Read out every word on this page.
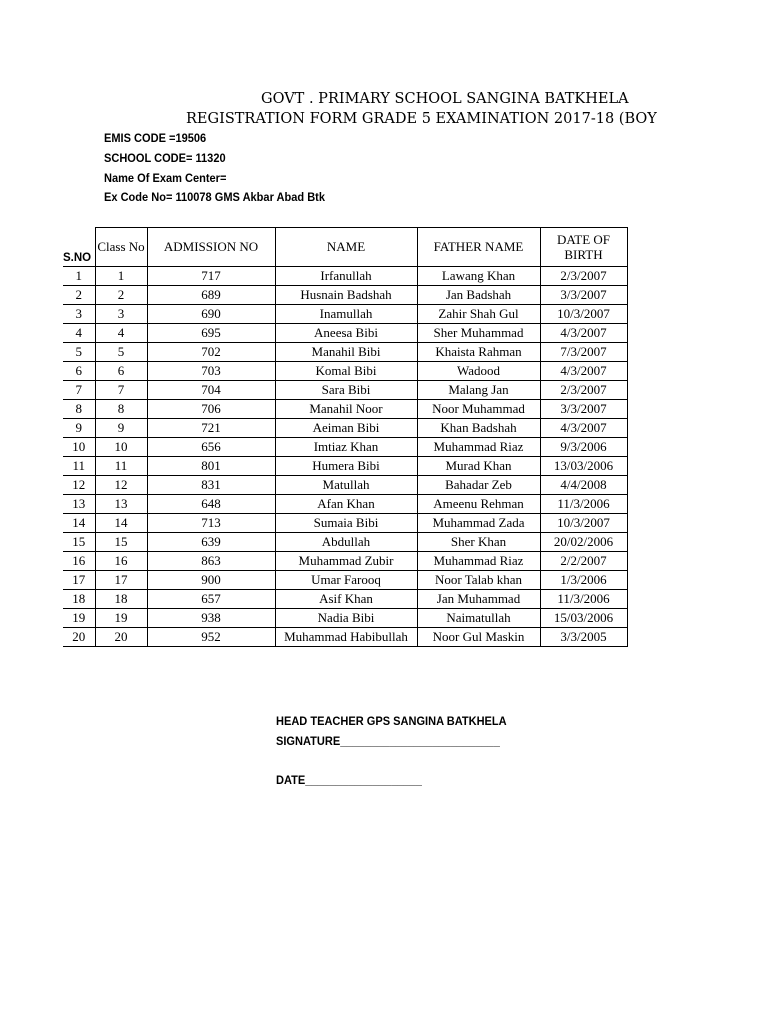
GOVT . PRIMARY SCHOOL SANGINA BATKHELA
REGISTRATION FORM GRADE 5 EXAMINATION 2017-18 (BOY
EMIS CODE =19506
SCHOOL CODE= 11320
Name Of Exam Center=
Ex Code No= 110078 GMS Akbar Abad Btk
S.NO	Class No	ADMISSION NO	NAME	FATHER NAME	DATE OF BIRTH
1	1	717	Irfanullah	Lawang Khan	2/3/2007
2	2	689	Husnain Badshah	Jan Badshah	3/3/2007
3	3	690	Inamullah	Zahir Shah Gul	10/3/2007
4	4	695	Aneesa Bibi	Sher Muhammad	4/3/2007
5	5	702	Manahil Bibi	Khaista Rahman	7/3/2007
6	6	703	Komal Bibi	Wadood	4/3/2007
7	7	704	Sara Bibi	Malang Jan	2/3/2007
8	8	706	Manahil Noor	Noor Muhammad	3/3/2007
9	9	721	Aeiman Bibi	Khan Badshah	4/3/2007
10	10	656	Imtiaz Khan	Muhammad Riaz	9/3/2006
11	11	801	Humera Bibi	Murad Khan	13/03/2006
12	12	831	Matullah	Bahadar Zeb	4/4/2008
13	13	648	Afan Khan	Ameenu Rehman	11/3/2006
14	14	713	Sumaia Bibi	Muhammad Zada	10/3/2007
15	15	639	Abdullah	Sher Khan	20/02/2006
16	16	863	Muhammad Zubir	Muhammad Riaz	2/2/2007
17	17	900	Umar Farooq	Noor Talab khan	1/3/2006
18	18	657	Asif Khan	Jan Muhammad	11/3/2006
19	19	938	Nadia Bibi	Naimatullah	15/03/2006
20	20	952	Muhammad Habibullah	Noor Gul Maskin	3/3/2005
HEAD TEACHER GPS SANGINA BATKHELA
SIGNATURE__________________________
DATE___________________
